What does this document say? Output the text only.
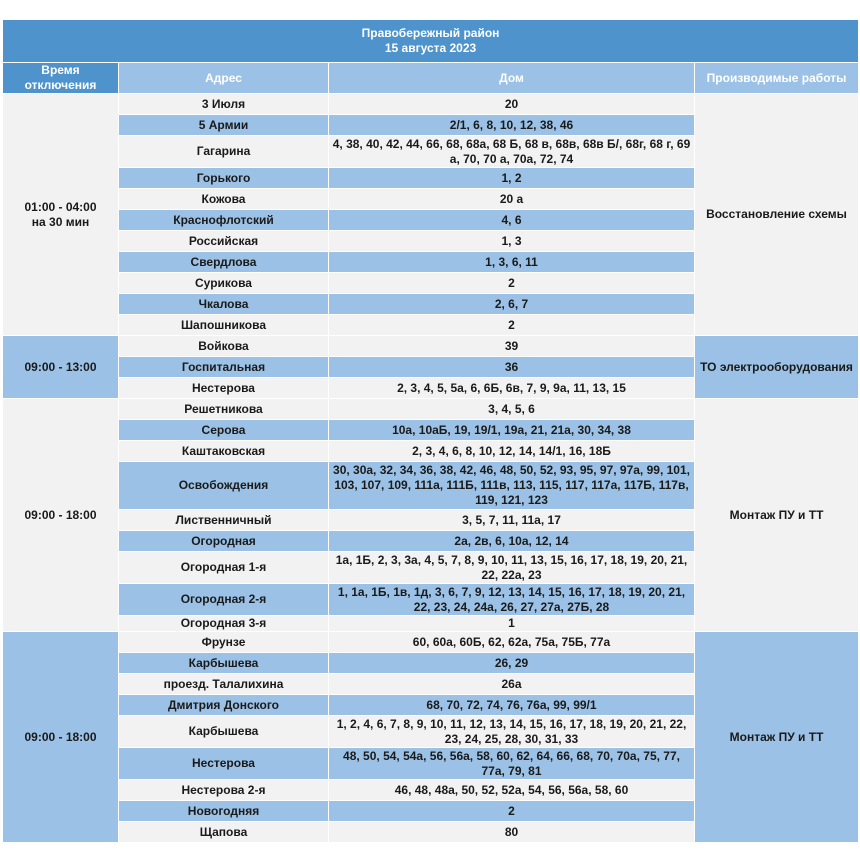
Правобережный район
15 августа 2023			

Время отключения	Адрес	Дом	Производимые работы

01:00 - 04:00
на 30 мин	3 Июля	20	Восстановление схемы
	5 Армии	2/1, 6, 8, 10, 12, 38, 46	
	Гагарина	4, 38, 40, 42, 44, 66, 68, 68а, 68 Б, 68 в, 68в, 68в Б/, 68г, 68 г, 69 а, 70, 70 а, 70а, 72, 74	
	Горького	1, 2	
	Кожова	20 а	
	Краснофлотский	4, 6	
	Российская	1, 3	
	Свердлова	1, 3, 6, 11	
	Сурикова	2	
	Чкалова	2, 6, 7	
	Шапошникова	2	

09:00 - 13:00	Войкова	39	ТО электрооборудования
	Госпитальная	36	
	Нестерова	2, 3, 4, 5, 5а, 6, 6Б, 6в, 7, 9, 9а, 11, 13, 15	

09:00 - 18:00	Решетникова	3, 4, 5, 6	Монтаж ПУ и ТТ
	Серова	10а, 10аБ, 19, 19/1, 19а, 21, 21а, 30, 34, 38	
	Каштаковская	2, 3, 4, 6, 8, 10, 12, 14, 14/1, 16, 18Б	
	Освобождения	30, 30а, 32, 34, 36, 38, 42, 46, 48, 50, 52, 93, 95, 97, 97а, 99, 101, 103, 107, 109, 111а, 111Б, 111в, 113, 115, 117, 117а, 117Б, 117в, 119, 121, 123	
	Лиственничный	3, 5, 7, 11, 11а, 17	
	Огородная	2а, 2в, 6, 10а, 12, 14	
	Огородная 1-я	1а, 1Б, 2, 3, 3а, 4, 5, 7, 8, 9, 10, 11, 13, 15, 16, 17, 18, 19, 20, 21, 22, 22а, 23	
	Огородная 2-я	1, 1а, 1Б, 1в, 1д, 3, 6, 7, 9, 12, 13, 14, 15, 16, 17, 18, 19, 20, 21, 22, 23, 24, 24а, 26, 27, 27а, 27Б, 28	
	Огородная 3-я	1	

09:00 - 18:00	Фрунзе	60, 60а, 60Б, 62, 62а, 75а, 75Б, 77а	Монтаж ПУ и ТТ
	Карбышева	26, 29	
	проезд. Талалихина	26а	
	Дмитрия Донского	68, 70, 72, 74, 76, 76а, 99, 99/1	
	Карбышева	1, 2, 4, 6, 7, 8, 9, 10, 11, 12, 13, 14, 15, 16, 17, 18, 19, 20, 21, 22, 23, 24, 25, 28, 30, 31, 33	
	Нестерова	48, 50, 54, 54а, 56, 56а, 58, 60, 62, 64, 66, 68, 70, 70а, 75, 77, 77а, 79, 81	
	Нестерова 2-я	46, 48, 48а, 50, 52, 52а, 54, 56, 56а, 58, 60	
	Новогодняя	2	
	Щапова	80	
